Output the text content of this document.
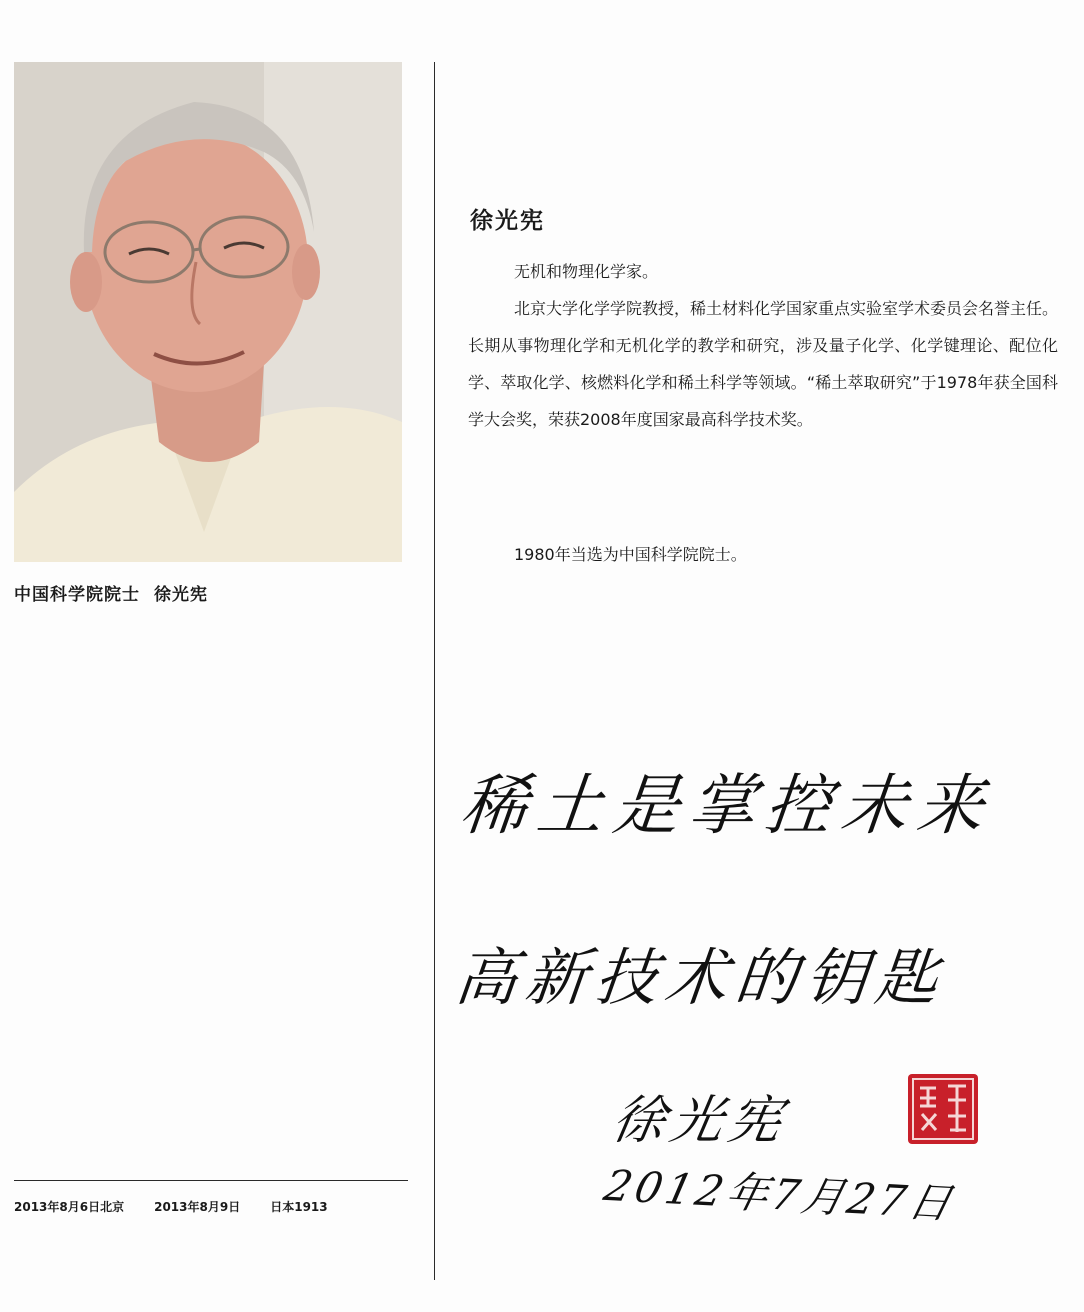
中国科学院院士 徐光宪
2013年8月6日北京	2013年8月9日	日本1913
徐光宪
无机和物理化学家。

北京大学化学学院教授，稀土材料化学国家重点实验室学术委员会名誉主任。长期从事物理化学和无机化学的教学和研究，涉及量子化学、化学键理论、配位化学、萃取化学、核燃料化学和稀土科学等领域。“稀土萃取研究”于1978年获全国科学大会奖，荣获2008年度国家最高科学技术奖。

1980年当选为中国科学院院士。

稀土是掌控未来
高新技术的钥匙
徐光宪
2012年7月27日
